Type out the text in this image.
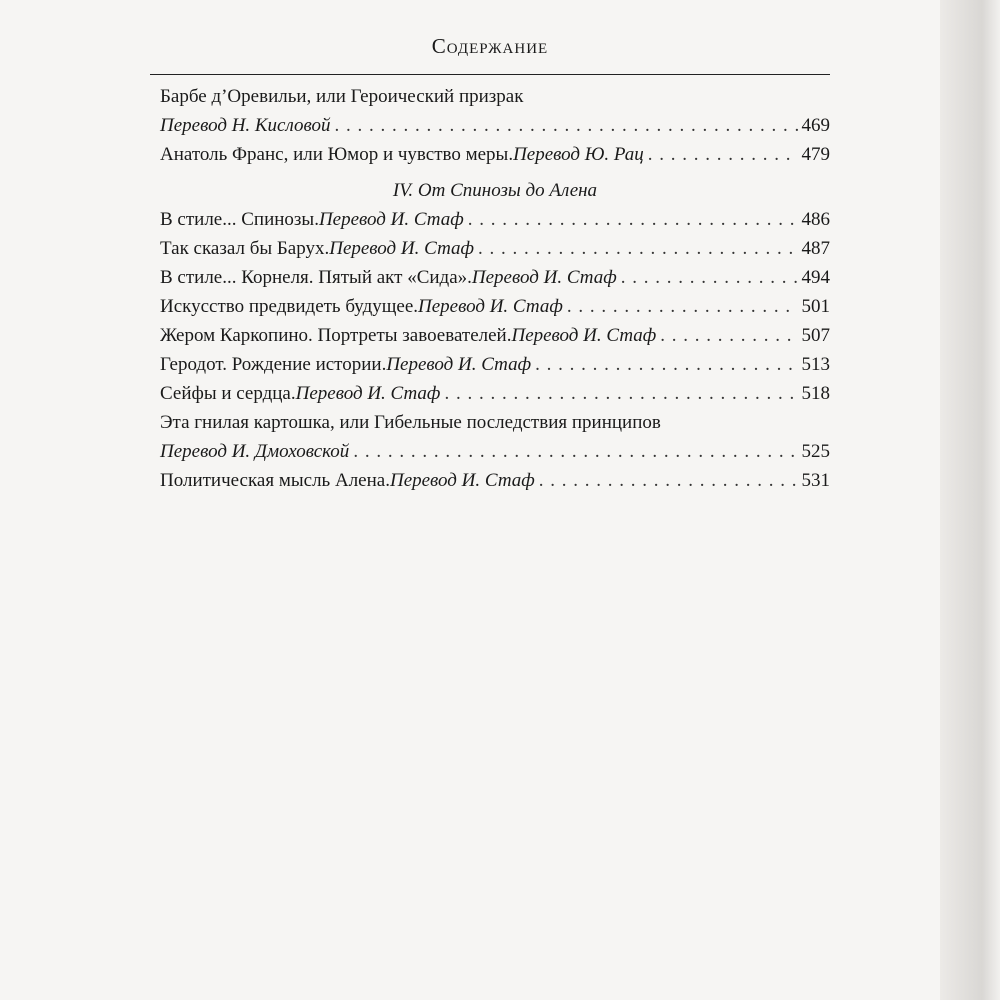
Содержание
Барбе д’Оревильи, или Героический призрак
Перевод Н. Кисловой . . .	469
Анатоль Франс, или Юмор и чувство меры. Перевод Ю. Рац . . .	479
IV. От Спинозы до Алена
В стиле... Спинозы. Перевод И. Стаф . . .	486
Так сказал бы Барух. Перевод И. Стаф . . .	487
В стиле... Корнеля. Пятый акт «Сида». Перевод И. Стаф . . .	494
Искусство предвидеть будущее. Перевод И. Стаф . . .	501
Жером Каркопино. Портреты завоевателей. Перевод И. Стаф . . .	507
Геродот. Рождение истории. Перевод И. Стаф . . .	513
Сейфы и сердца. Перевод И. Стаф . . .	518
Эта гнилая картошка, или Гибельные последствия принципов
Перевод И. Дмоховской . . .	525
Политическая мысль Алена. Перевод И. Стаф . . .	531
